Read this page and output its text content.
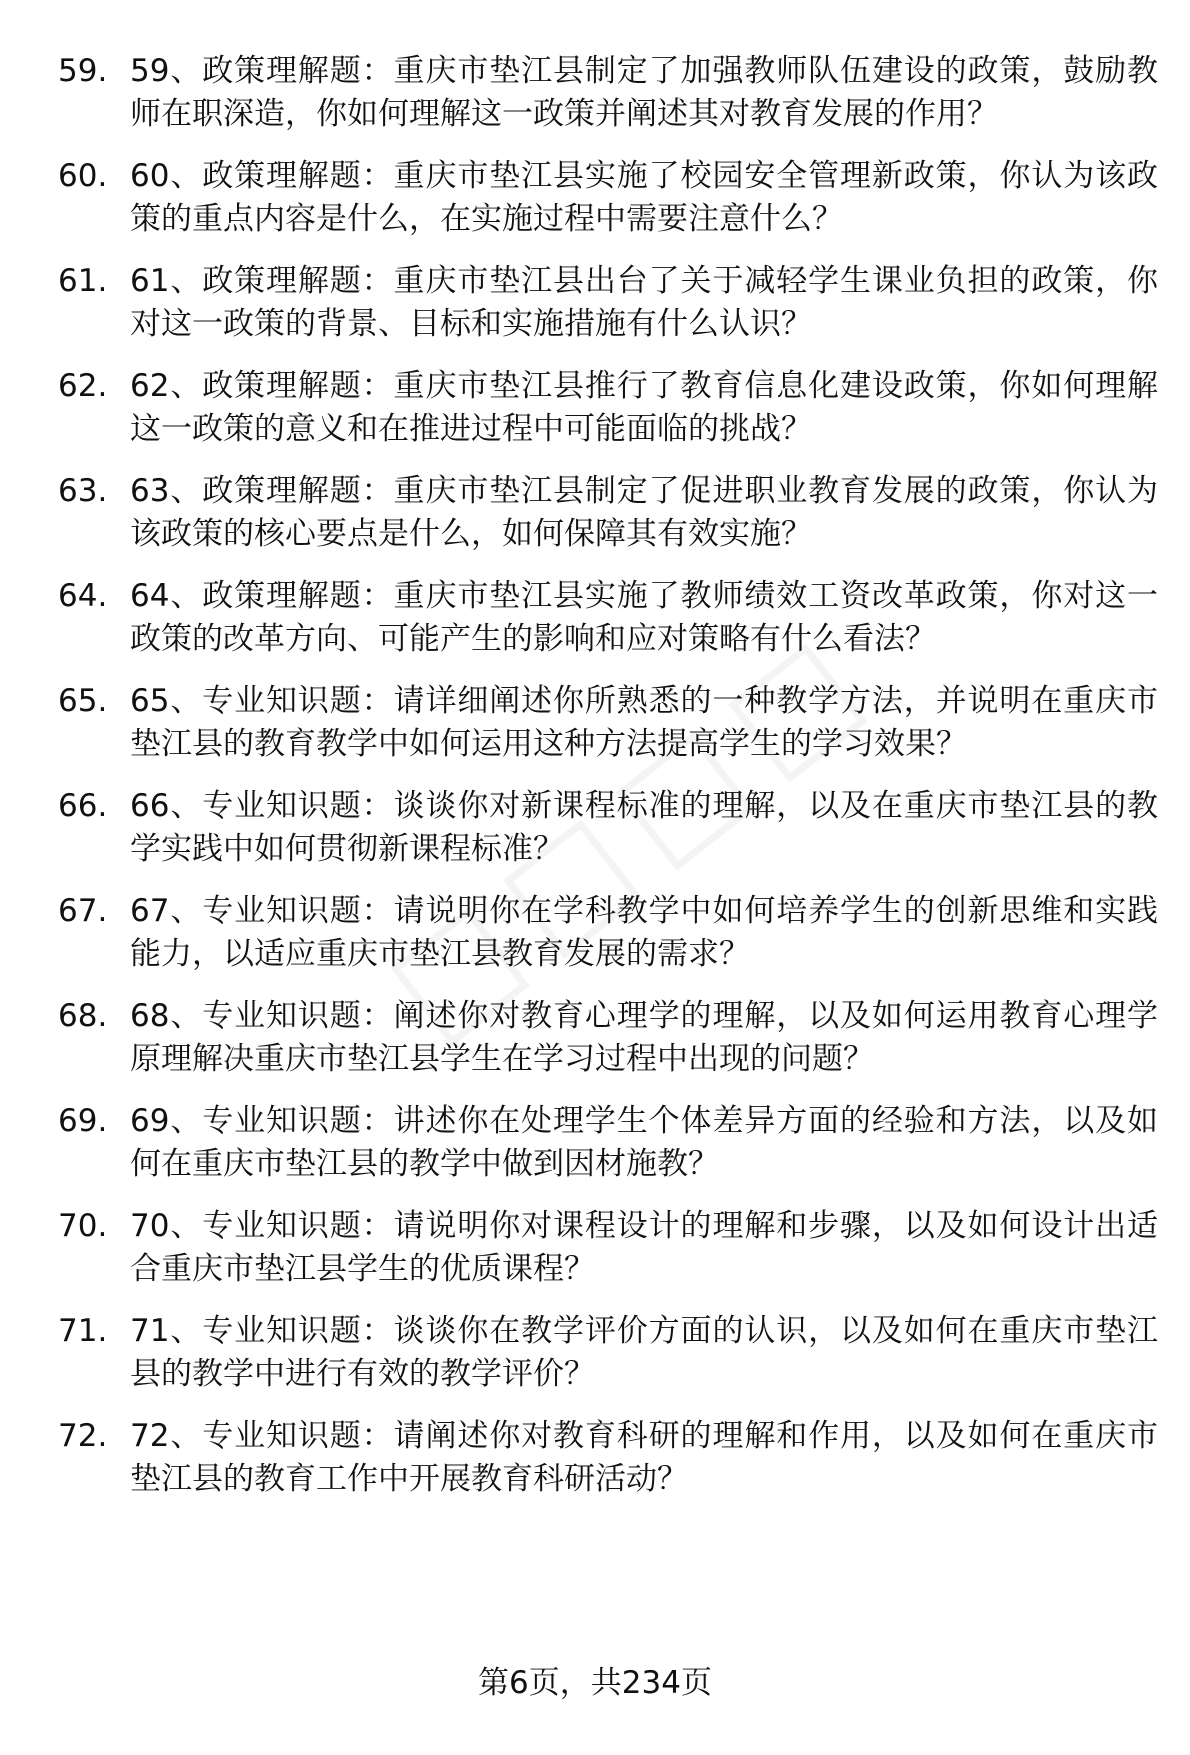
59. 59、政策理解题：重庆市垫江县制定了加强教师队伍建设的政策，鼓励教师在职深造，你如何理解这一政策并阐述其对教育发展的作用？
60. 60、政策理解题：重庆市垫江县实施了校园安全管理新政策，你认为该政策的重点内容是什么，在实施过程中需要注意什么？
61. 61、政策理解题：重庆市垫江县出台了关于减轻学生课业负担的政策，你对这一政策的背景、目标和实施措施有什么认识？
62. 62、政策理解题：重庆市垫江县推行了教育信息化建设政策，你如何理解这一政策的意义和在推进过程中可能面临的挑战？
63. 63、政策理解题：重庆市垫江县制定了促进职业教育发展的政策，你认为该政策的核心要点是什么，如何保障其有效实施？
64. 64、政策理解题：重庆市垫江县实施了教师绩效工资改革政策，你对这一政策的改革方向、可能产生的影响和应对策略有什么看法？
65. 65、专业知识题：请详细阐述你所熟悉的一种教学方法，并说明在重庆市垫江县的教育教学中如何运用这种方法提高学生的学习效果？
66. 66、专业知识题：谈谈你对新课程标准的理解，以及在重庆市垫江县的教学实践中如何贯彻新课程标准？
67. 67、专业知识题：请说明你在学科教学中如何培养学生的创新思维和实践能力，以适应重庆市垫江县教育发展的需求？
68. 68、专业知识题：阐述你对教育心理学的理解，以及如何运用教育心理学原理解决重庆市垫江县学生在学习过程中出现的问题？
69. 69、专业知识题：讲述你在处理学生个体差异方面的经验和方法，以及如何在重庆市垫江县的教学中做到因材施教？
70. 70、专业知识题：请说明你对课程设计的理解和步骤，以及如何设计出适合重庆市垫江县学生的优质课程？
71. 71、专业知识题：谈谈你在教学评价方面的认识，以及如何在重庆市垫江县的教学中进行有效的教学评价？
72. 72、专业知识题：请阐述你对教育科研的理解和作用，以及如何在重庆市垫江县的教育工作中开展教育科研活动？
第6页，共234页
